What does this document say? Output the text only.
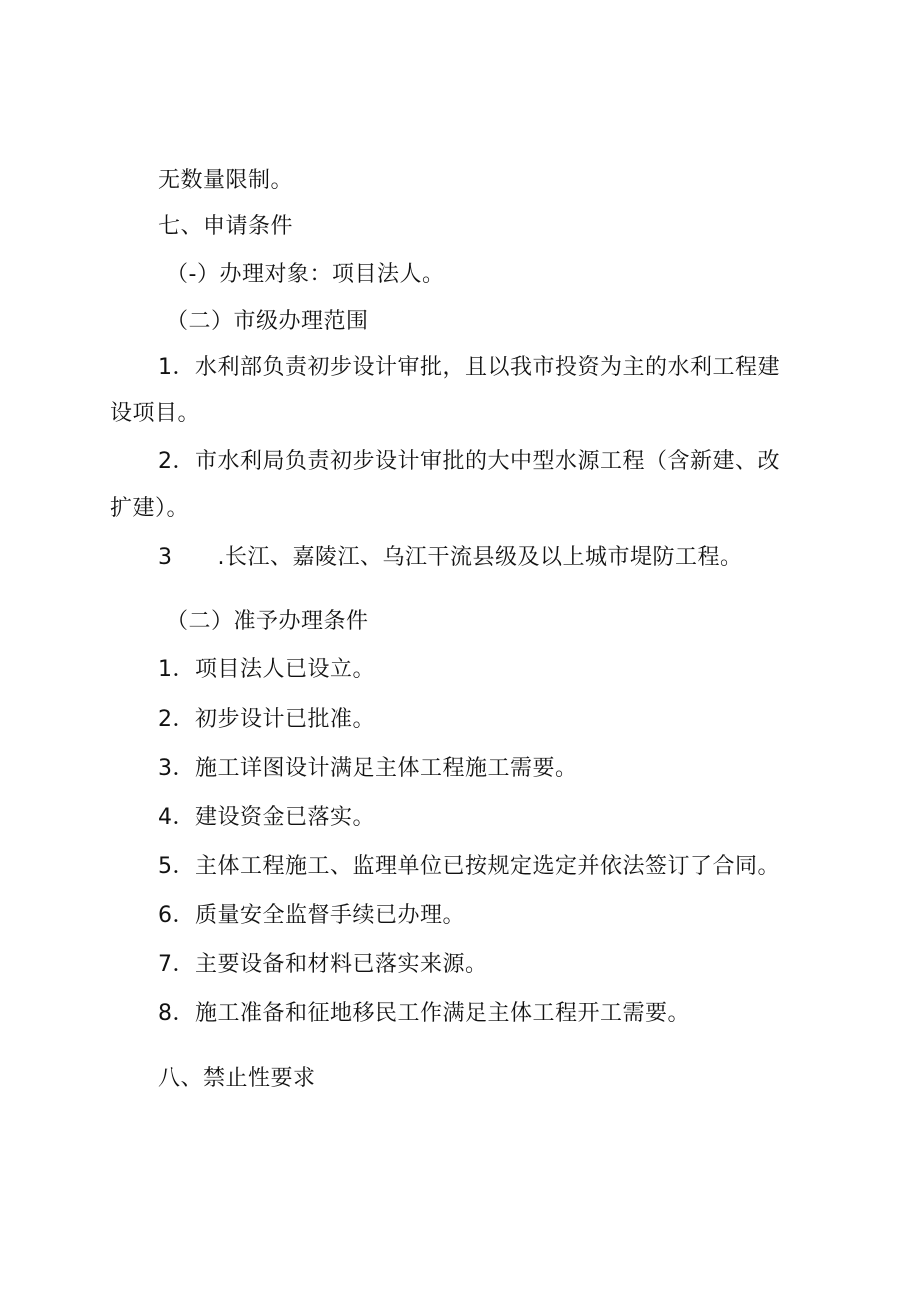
无数量限制。
七、申请条件
（-）办理对象：项目法人。
（二）市级办理范围
1．水利部负责初步设计审批，且以我市投资为主的水利工程建
设项目。
2．市水利局负责初步设计审批的大中型水源工程（含新建、改
扩建）。
3　　.长江、嘉陵江、乌江干流县级及以上城市堤防工程。
（二）准予办理条件
1．项目法人已设立。
2．初步设计已批准。
3．施工详图设计满足主体工程施工需要。
4．建设资金已落实。
5．主体工程施工、监理单位已按规定选定并依法签订了合同。
6．质量安全监督手续已办理。
7．主要设备和材料已落实来源。
8．施工准备和征地移民工作满足主体工程开工需要。
八、禁止性要求
